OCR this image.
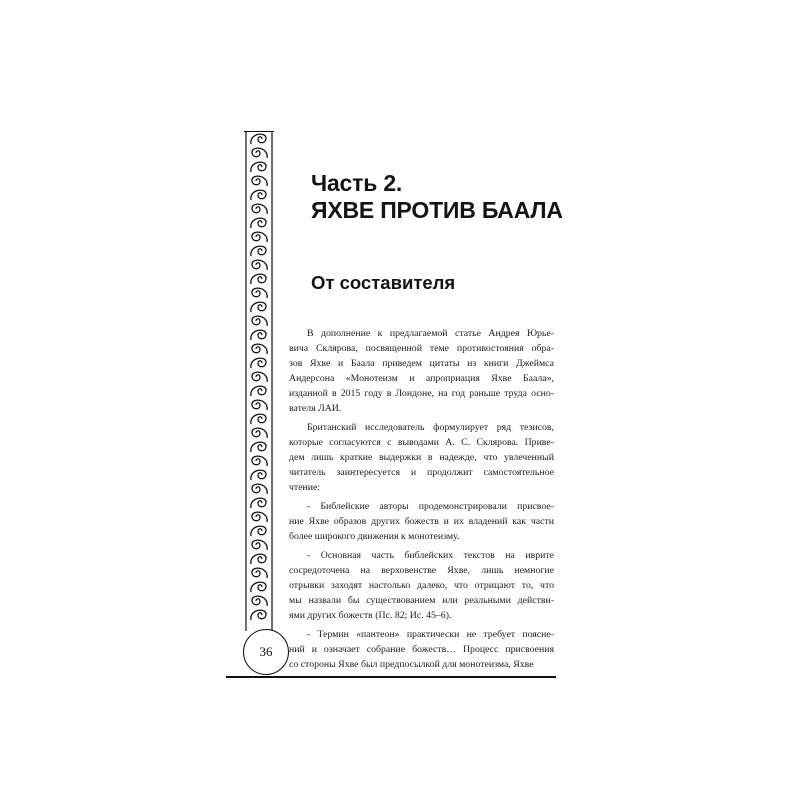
Часть 2.
ЯХВЕ ПРОТИВ БААЛА
От составителя

В дополнение к предлагаемой статье Андрея Юрье-
вича Склярова, посвященной теме противостояния обра-
зов Яхве и Баала приведем цитаты из книги Джеймса
Андерсона «Монотеизм и апроприация Яхве Баала»,
изданной в 2015 году в Лондоне, на год раньше труда осно-
вателя ЛАИ.

Британский исследователь формулирует ряд тезисов,
которые согласуются с выводами А. С. Склярова. Приве-
дем лишь краткие выдержки в надежде, что увлеченный
читатель заинтересуется и продолжит самостоятельное
чтение:

- Библейские авторы продемонстрировали присвое-
ние Яхве образов других божеств и их владений как части
более широкого движения к монотеизму.

- Основная часть библейских текстов на иврите
сосредоточена на верховенстве Яхве, лишь немногие
отрывки заходят настолько далеко, что отрицают то, что
мы назвали бы существованием или реальными действи-
ями других божеств (Пс. 82; Ис. 45–6).

- Термин «пантеон» практически не требует поясне-
ний и означает собрание божеств… Процесс присвоения
со стороны Яхве был предпосылкой для монотеизма, Яхве

36
